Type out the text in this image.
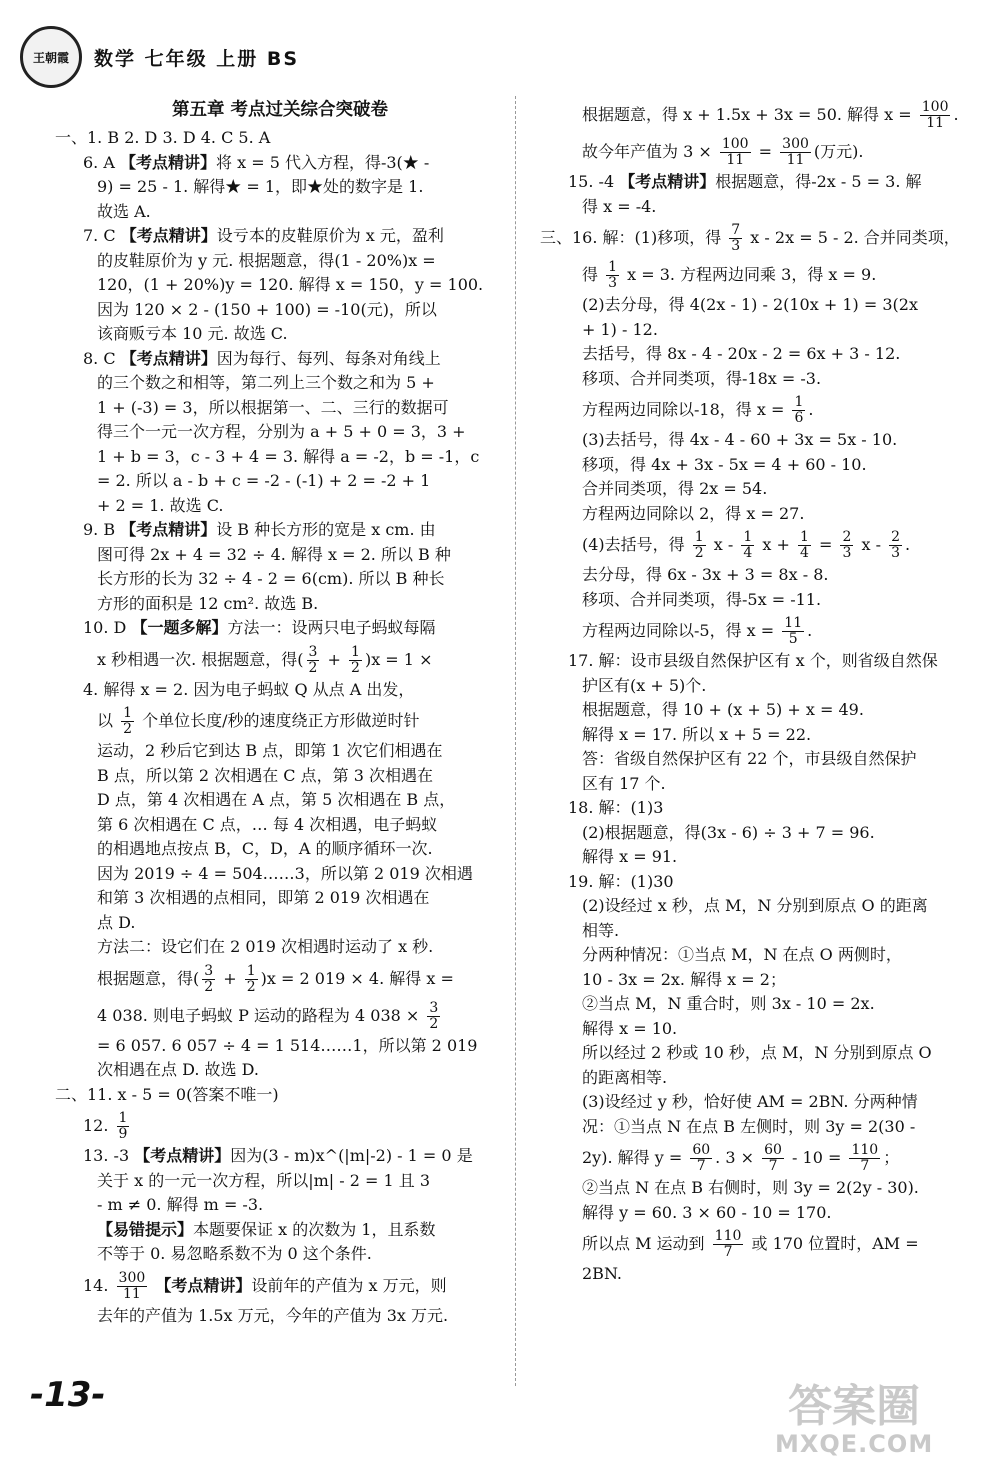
王朝霞	数学 七年级 上册 BS
第五章 考点过关综合突破卷
一、1. B 2. D 3. D 4. C 5. A
6. A 【考点精讲】将 x = 5 代入方程，得-3(★ -
9) = 25 - 1. 解得★ = 1，即★处的数字是 1.
故选 A.
7. C 【考点精讲】设亏本的皮鞋原价为 x 元，盈利
的皮鞋原价为 y 元. 根据题意，得(1 - 20%)x =
120，(1 + 20%)y = 120. 解得 x = 150，y = 100.
因为 120 × 2 - (150 + 100) = -10(元)，所以
该商贩亏本 10 元. 故选 C.
8. C 【考点精讲】因为每行、每列、每条对角线上
的三个数之和相等，第二列上三个数之和为 5 +
1 + (-3) = 3，所以根据第一、二、三行的数据可
得三个一元一次方程，分别为 a + 5 + 0 = 3，3 +
1 + b = 3，c - 3 + 4 = 3. 解得 a = -2，b = -1，c
= 2. 所以 a - b + c = -2 - (-1) + 2 = -2 + 1
+ 2 = 1. 故选 C.
9. B 【考点精讲】设 B 种长方形的宽是 x cm. 由
图可得 2x + 4 = 32 ÷ 4. 解得 x = 2. 所以 B 种
长方形的长为 32 ÷ 4 - 2 = 6(cm). 所以 B 种长
方形的面积是 12 cm². 故选 B.
10. D 【一题多解】方法一：设两只电子蚂蚁每隔
x 秒相遇一次. 根据题意，得( $\frac{3}{2} + \frac{1}{2} )x = 1$ ×
4. 解得 x = 2. 因为电子蚂蚁 Q 从点 A 出发，
以 $\frac{1}{2}$ 个单位长度/秒的速度绕正方形做逆时针
运动，2 秒后它到达 B 点，即第 1 次它们相遇在
B 点，所以第 2 次相遇在 C 点，第 3 次相遇在
D 点，第 4 次相遇在 A 点，第 5 次相遇在 B 点，
第 6 次相遇在 C 点，… 每 4 次相遇，电子蚂蚁
的相遇地点按点 B，C，D，A 的顺序循环一次.
因为 2019 ÷ 4 = 504……3，所以第 2 019 次相遇
和第 3 次相遇的点相同，即第 2 019 次相遇在
点 D.
方法二：设它们在 2 019 次相遇时运动了 x 秒.
根据题意，得( $\frac{3}{2} + \frac{1}{2} )x = 2$ 019 × 4. 解得 x =
4 038. 则电子蚂蚁 P 运动的路程为 4 $038 \times \frac{3}{2}$
= 6 057. 6 057 ÷ 4 = 1 514……1，所以第 2 019
次相遇在点 D. 故选 D.
二、11. x - 5 = 0(答案不唯一)
12. $\frac{1}{9}$
13. -3 【考点精讲】因为(3 - m)x^(|m|-2) - 1 = 0 是
关于 x 的一元一次方程，所以|m| - 2 = 1 且 3
- m ≠ 0. 解得 m = -3.
【易错提示】本题要保证 x 的次数为 1，且系数
不等于 0. 易忽略系数不为 0 这个条件.
14. $\frac{300}{11}$ 【考点精讲】设前年的产值为 x 万元，则
去年的产值为 1.5x 万元，今年的产值为 3x 万元.
根据题意，得 x + 1.5x + 3x = 50. 解得 $x = \frac{100}{11}$ .
故今年产值为 $3 \times \frac{100}{11} = \frac{300}{11}$ (万元).
15. -4 【考点精讲】根据题意，得-2x - 5 = 3. 解
得 x = -4.
三、16. 解：(1)移项，得 $\frac{7}{3}$ x - 2x = 5 - 2. 合并同类项，
得 $\frac{1}{3}$ x = 3. 方程两边同乘 3，得 x = 9.
(2)去分母，得 4(2x - 1) - 2(10x + 1) = 3(2x
+ 1) - 12.
去括号，得 8x - 4 - 20x - 2 = 6x + 3 - 12.
移项、合并同类项，得-18x = -3.
方程两边同除以-18，得 $x = \frac{1}{6}$ .
(3)去括号，得 4x - 4 - 60 + 3x = 5x - 10.
移项，得 4x + 3x - 5x = 4 + 60 - 10.
合并同类项，得 2x = 54.
方程两边同除以 2，得 x = 27.
(4)去括号，得 $\frac{1}{2}$ x - $\frac{1}{4}$ $x + \frac{1}{4} = \frac{2}{3}$ x - $\frac{2}{3}$ .
去分母，得 6x - 3x + 3 = 8x - 8.
移项、合并同类项，得-5x = -11.
方程两边同除以-5，得 $x = \frac{11}{5}$ .
17. 解：设市县级自然保护区有 x 个，则省级自然保
护区有(x + 5)个.
根据题意，得 10 + (x + 5) + x = 49.
解得 x = 17. 所以 x + 5 = 22.
答：省级自然保护区有 22 个，市县级自然保护
区有 17 个.
18. 解：(1)3
(2)根据题意，得(3x - 6) ÷ 3 + 7 = 96.
解得 x = 91.
19. 解：(1)30
(2)设经过 x 秒，点 M，N 分别到原点 O 的距离
相等.
分两种情况：①当点 M，N 在点 O 两侧时，
10 - 3x = 2x. 解得 x = 2；
②当点 M，N 重合时，则 3x - 10 = 2x.
解得 x = 10.
所以经过 2 秒或 10 秒，点 M，N 分别到原点 O
的距离相等.
(3)设经过 y 秒，恰好使 AM = 2BN. 分两种情
况：①当点 N 在点 B 左侧时，则 3y = 2(30 -
2y). 解得 $y = \frac{60}{7}$ . $3 \times \frac{60}{7} - 10 = \frac{110}{7}$ ；
②当点 N 在点 B 右侧时，则 3y = 2(2y - 30).
解得 y = 60. 3 × 60 - 10 = 170.
所以点 M 运动到 $\frac{110}{7}$ 或 170 位置时，AM =
2BN.
-13-	答案圈
MXQE.COM
